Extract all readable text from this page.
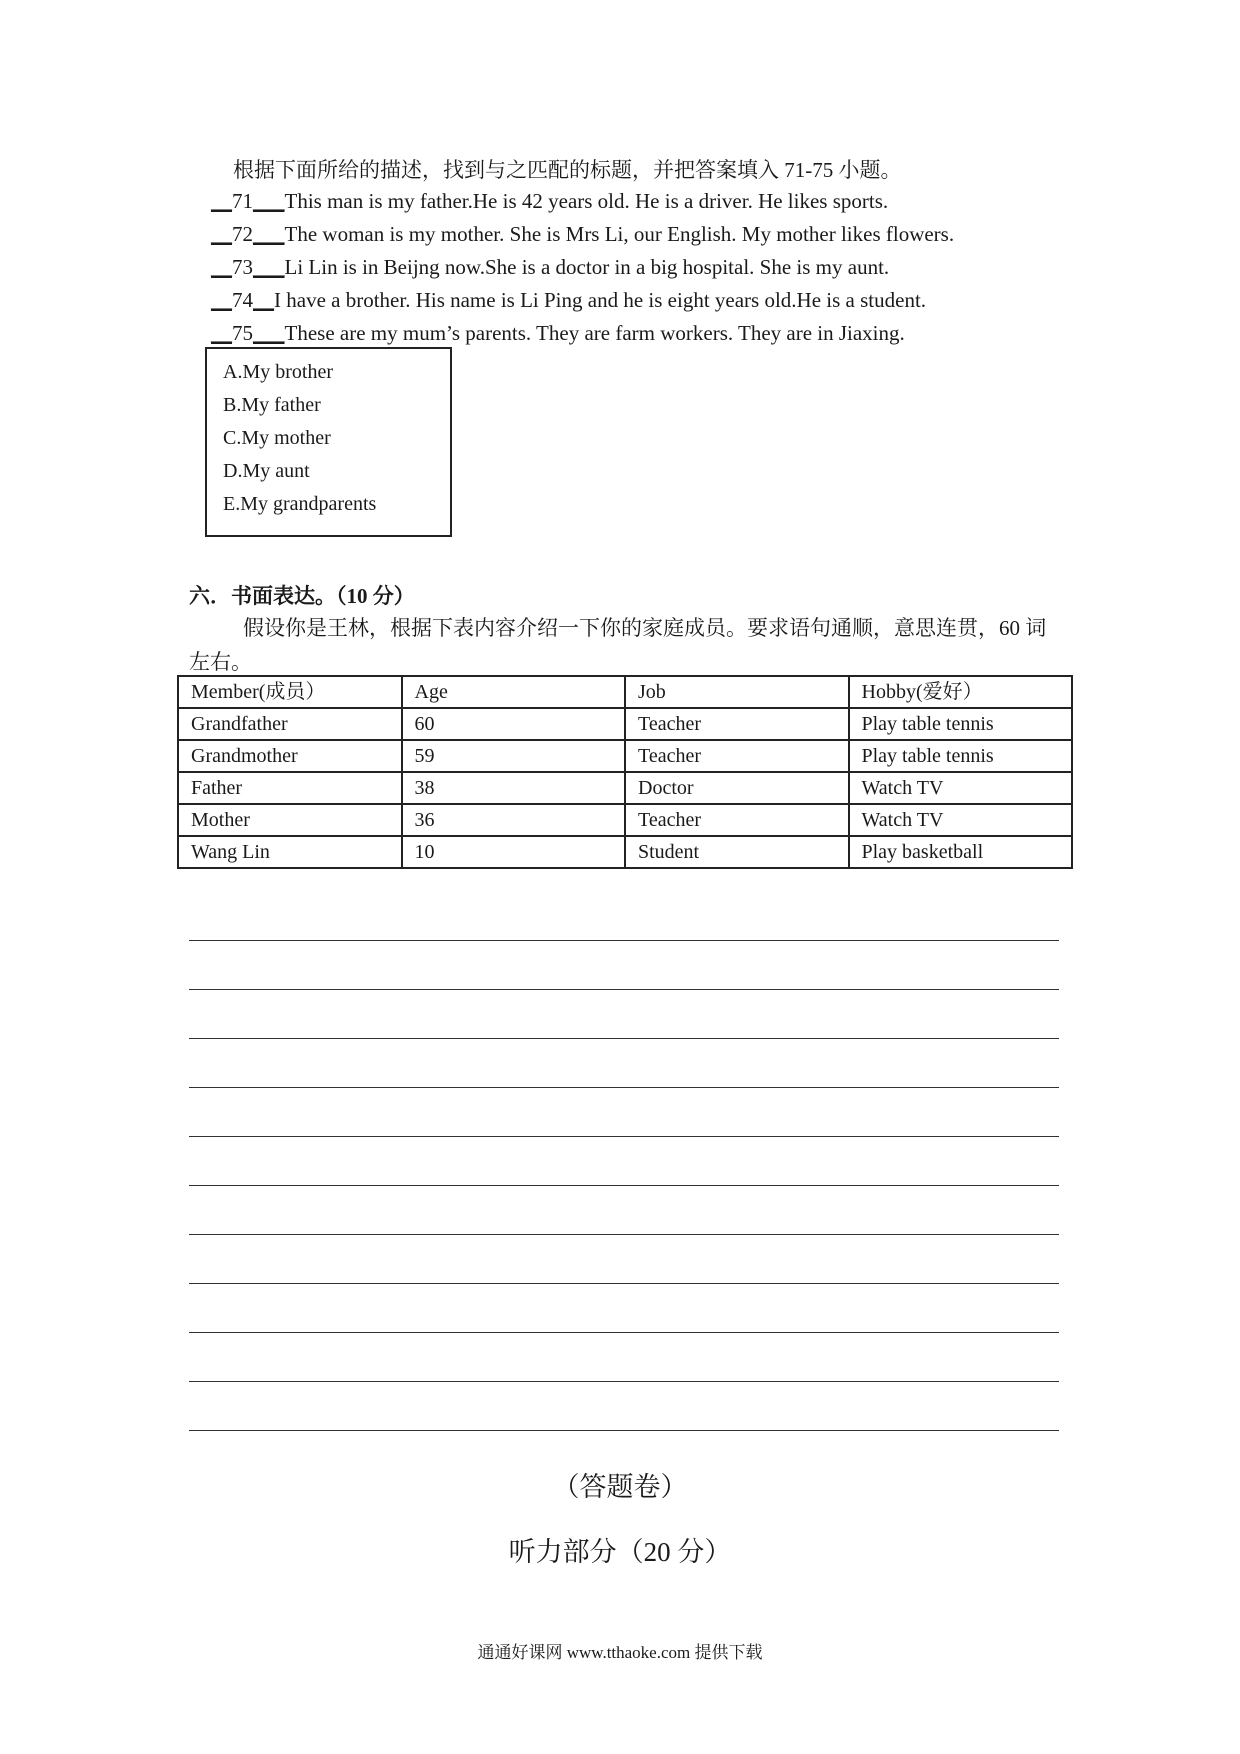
根据下面所给的描述，找到与之匹配的标题，并把答案填入 71-75 小题。
__71___This man is my father.He is 42 years old. He is a driver. He likes sports.
__72___The woman is my mother. She is Mrs Li, our English. My mother likes flowers.
__73___Li Lin is in Beijng now.She is a doctor in a big hospital. She is my aunt.
__74__I have a brother. His name is Li Ping and he is eight years old.He is a student.
__75___These are my mum’s parents. They are farm workers. They are in Jiaxing.
A.My brother
B.My father
C.My mother
D.My aunt
E.My grandparents
六．书面表达。（10 分）
假设你是王林，根据下表内容介绍一下你的家庭成员。要求语句通顺，意思连贯，60 词左右。
Member(成员）	Age	Job	Hobby(爱好）
Grandfather	60	Teacher	Play table tennis
Grandmother	59	Teacher	Play table tennis
Father	38	Doctor	Watch TV
Mother	36	Teacher	Watch TV
Wang Lin	10	Student	Play basketball
（答题卷）
听力部分（20 分）
通通好课网 www.tthaoke.com 提供下载
